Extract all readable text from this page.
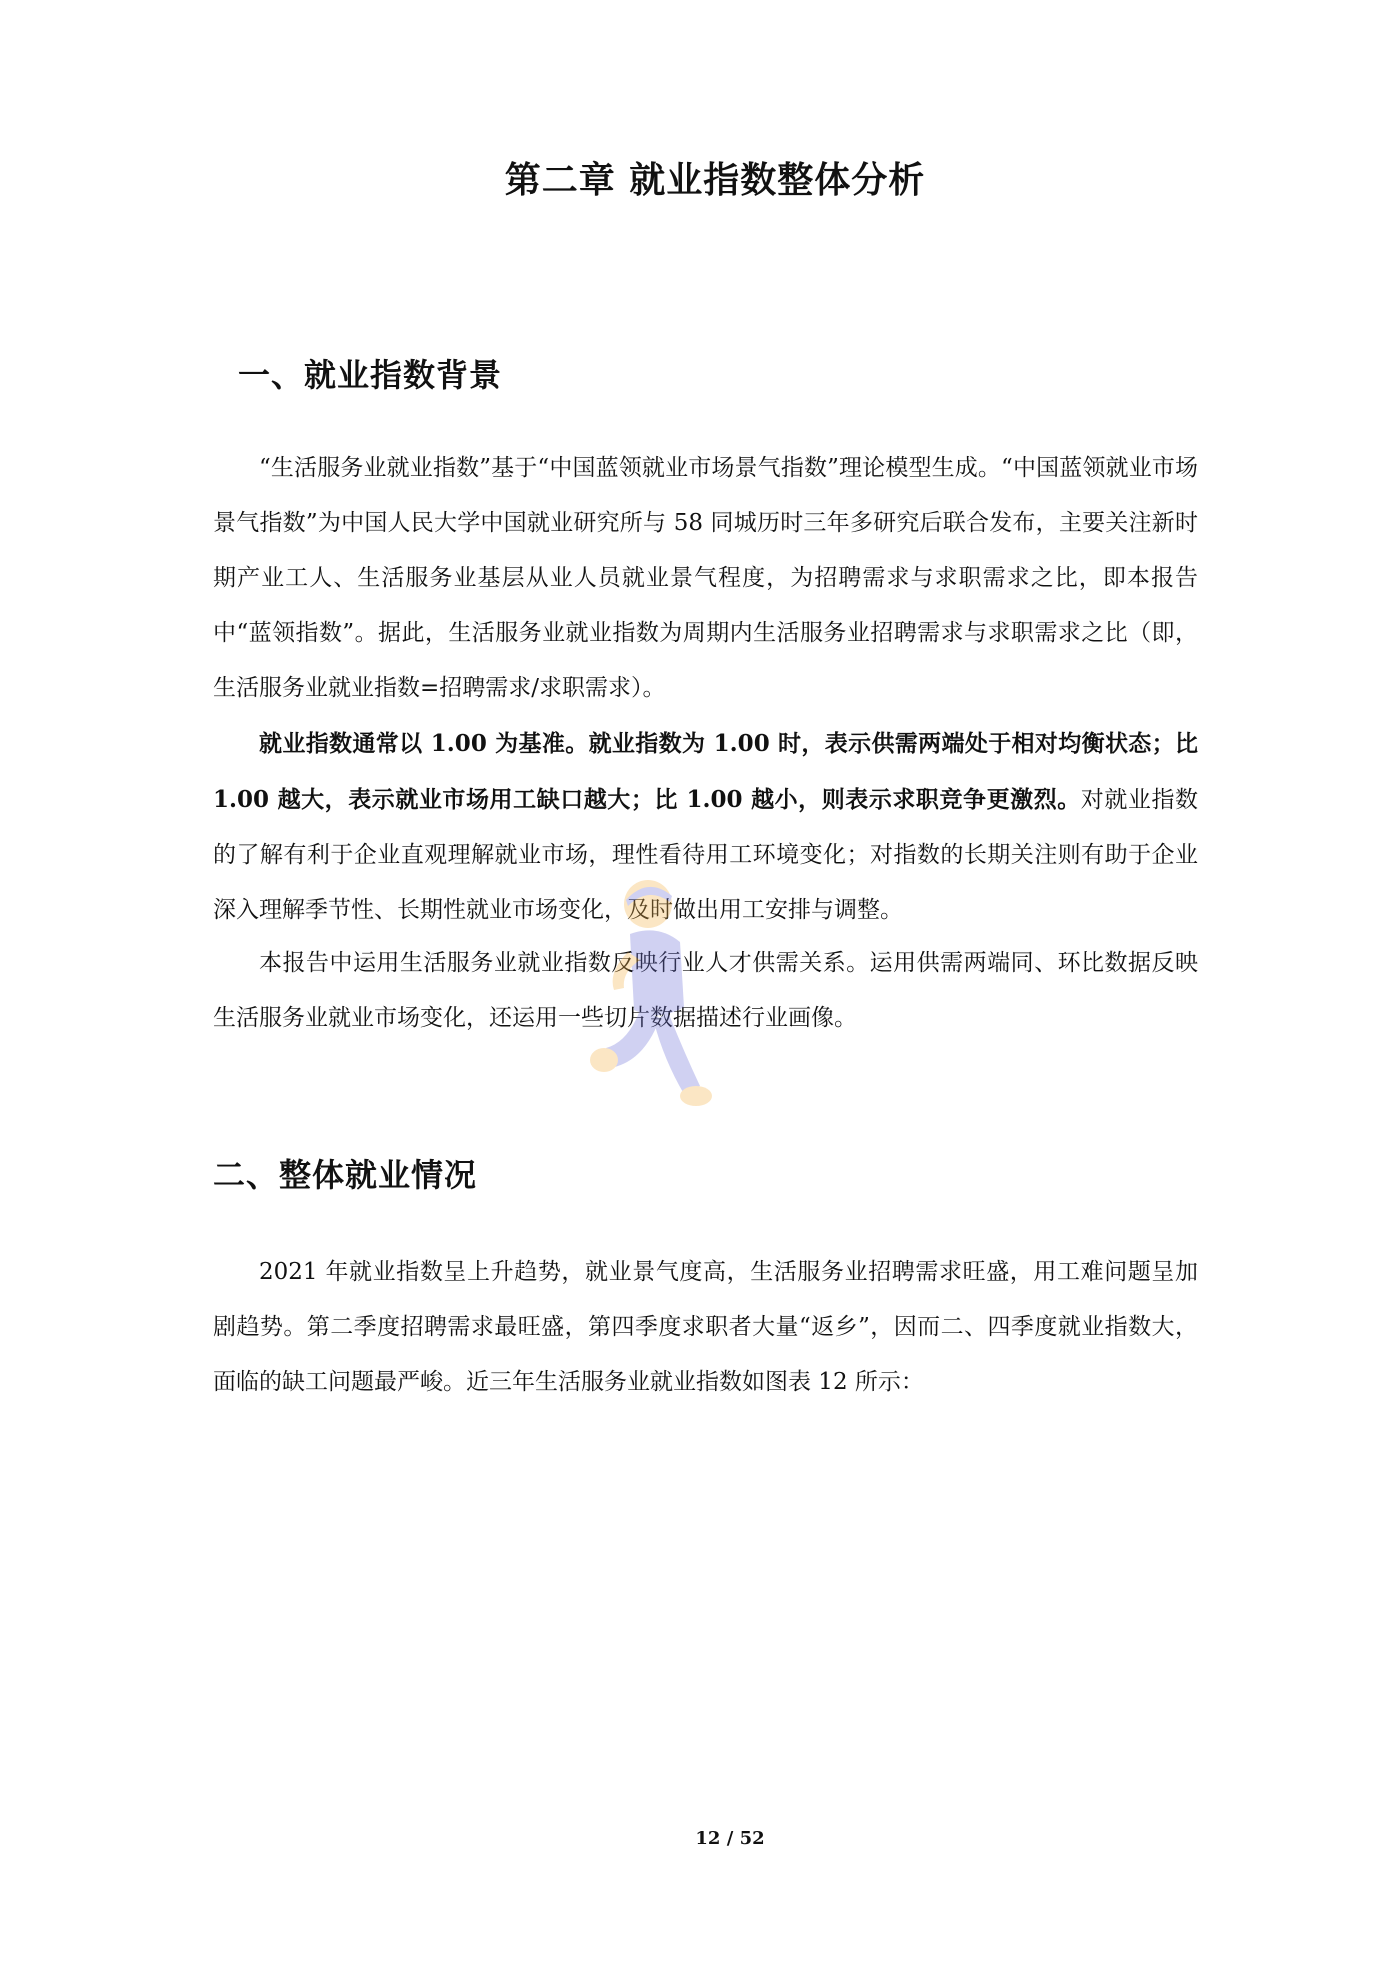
第二章 就业指数整体分析
一、就业指数背景

“生活服务业就业指数”基于“中国蓝领就业市场景气指数”理论模型生成。“中国蓝领就业市场景气指数”为中国人民大学中国就业研究所与 58 同城历时三年多研究后联合发布，主要关注新时期产业工人、生活服务业基层从业人员就业景气程度，为招聘需求与求职需求之比，即本报告中“蓝领指数”。据此，生活服务业就业指数为周期内生活服务业招聘需求与求职需求之比（即，生活服务业就业指数=招聘需求/求职需求）。

就业指数通常以 1.00 为基准。就业指数为 1.00 时，表示供需两端处于相对均衡状态；比 1.00 越大，表示就业市场用工缺口越大；比 1.00 越小，则表示求职竞争更激烈。对就业指数的了解有利于企业直观理解就业市场，理性看待用工环境变化；对指数的长期关注则有助于企业深入理解季节性、长期性就业市场变化，及时做出用工安排与调整。

本报告中运用生活服务业就业指数反映行业人才供需关系。运用供需两端同、环比数据反映生活服务业就业市场变化，还运用一些切片数据描述行业画像。

二、整体就业情况

2021 年就业指数呈上升趋势，就业景气度高，生活服务业招聘需求旺盛，用工难问题呈加剧趋势。第二季度招聘需求最旺盛，第四季度求职者大量“返乡”，因而二、四季度就业指数大，面临的缺工问题最严峻。近三年生活服务业就业指数如图表 12 所示：

12 / 52
